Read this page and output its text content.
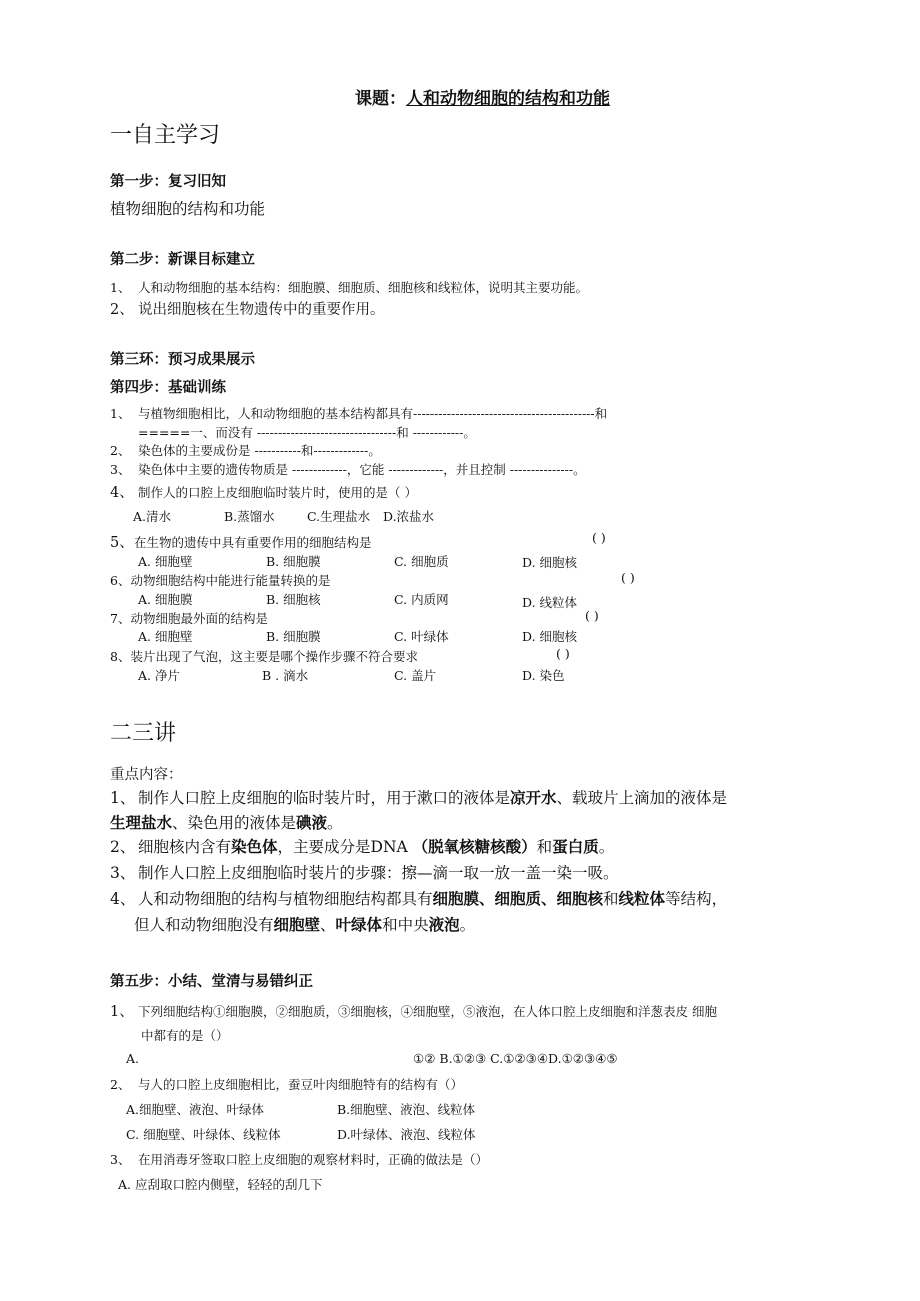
课题：人和动物细胞的结构和功能
一自主学习
第一步：复习旧知
植物细胞的结构和功能
第二步：新课目标建立
1、 人和动物细胞的基本结构：细胞膜、细胞质、细胞核和线粒体，说明其主要功能。
2、 说出细胞核在生物遗传中的重要作用。
第三环：预习成果展示
第四步：基础训练
1、 与植物细胞相比，人和动物细胞的基本结构都具有-------------------------------------------和
=====一、而没有 ---------------------------------和 ------------。
2、 染色体的主要成份是 -----------和-------------。
3、 染色体中主要的遗传物质是 -------------，它能 -------------，并且控制 ---------------。
4、 制作人的口腔上皮细胞临时装片时，使用的是（ ）
A.清水	B.蒸馏水	C.生理盐水 D.浓盐水
5、在生物的遗传中具有重要作用的细胞结构是	( )
A. 细胞壁	B. 细胞膜	C. 细胞质	D. 细胞核
6、动物细胞结构中能进行能量转换的是	( )
A. 细胞膜	B. 细胞核	C. 内质网	D. 线粒体
7、动物细胞最外面的结构是	( )
A. 细胞壁	B. 细胞膜	C. 叶绿体	D. 细胞核
8、装片出现了气泡，这主要是哪个操作步骤不符合要求	( )
A. 净片	B . 滴水	C. 盖片	D. 染色
二三讲
重点内容：
1、 制作人口腔上皮细胞的临时装片时，用于漱口的液体是凉开水、载玻片上滴加的液体是
生理盐水、染色用的液体是碘液。
2、 细胞核内含有染色体，主要成分是DNA （脱氧核糖核酸）和蛋白质。
3、 制作人口腔上皮细胞临时装片的步骤：擦—滴一取一放一盖一染一吸。
4、 人和动物细胞的结构与植物细胞结构都具有细胞膜、细胞质、细胞核和线粒体等结构，
但人和动物细胞没有细胞壁、叶绿体和中央液泡。
第五步：小结、堂清与易错纠正
1、 下列细胞结构①细胞膜，②细胞质，③细胞核，④细胞壁，⑤液泡，在人体口腔上皮细胞和洋葱表皮 细胞
中都有的是（）
A.	①② B.①②③ C.①②③④D.①②③④⑤
2、 与人的口腔上皮细胞相比，蚕豆叶肉细胞特有的结构有（）
A.细胞壁、液泡、叶绿体	B.细胞壁、液泡、线粒体
C. 细胞壁、叶绿体、线粒体	D.叶绿体、液泡、线粒体
3、 在用消毒牙签取口腔上皮细胞的观察材料时，正确的做法是（）
A. 应刮取口腔内侧壁，轻轻的刮几下
